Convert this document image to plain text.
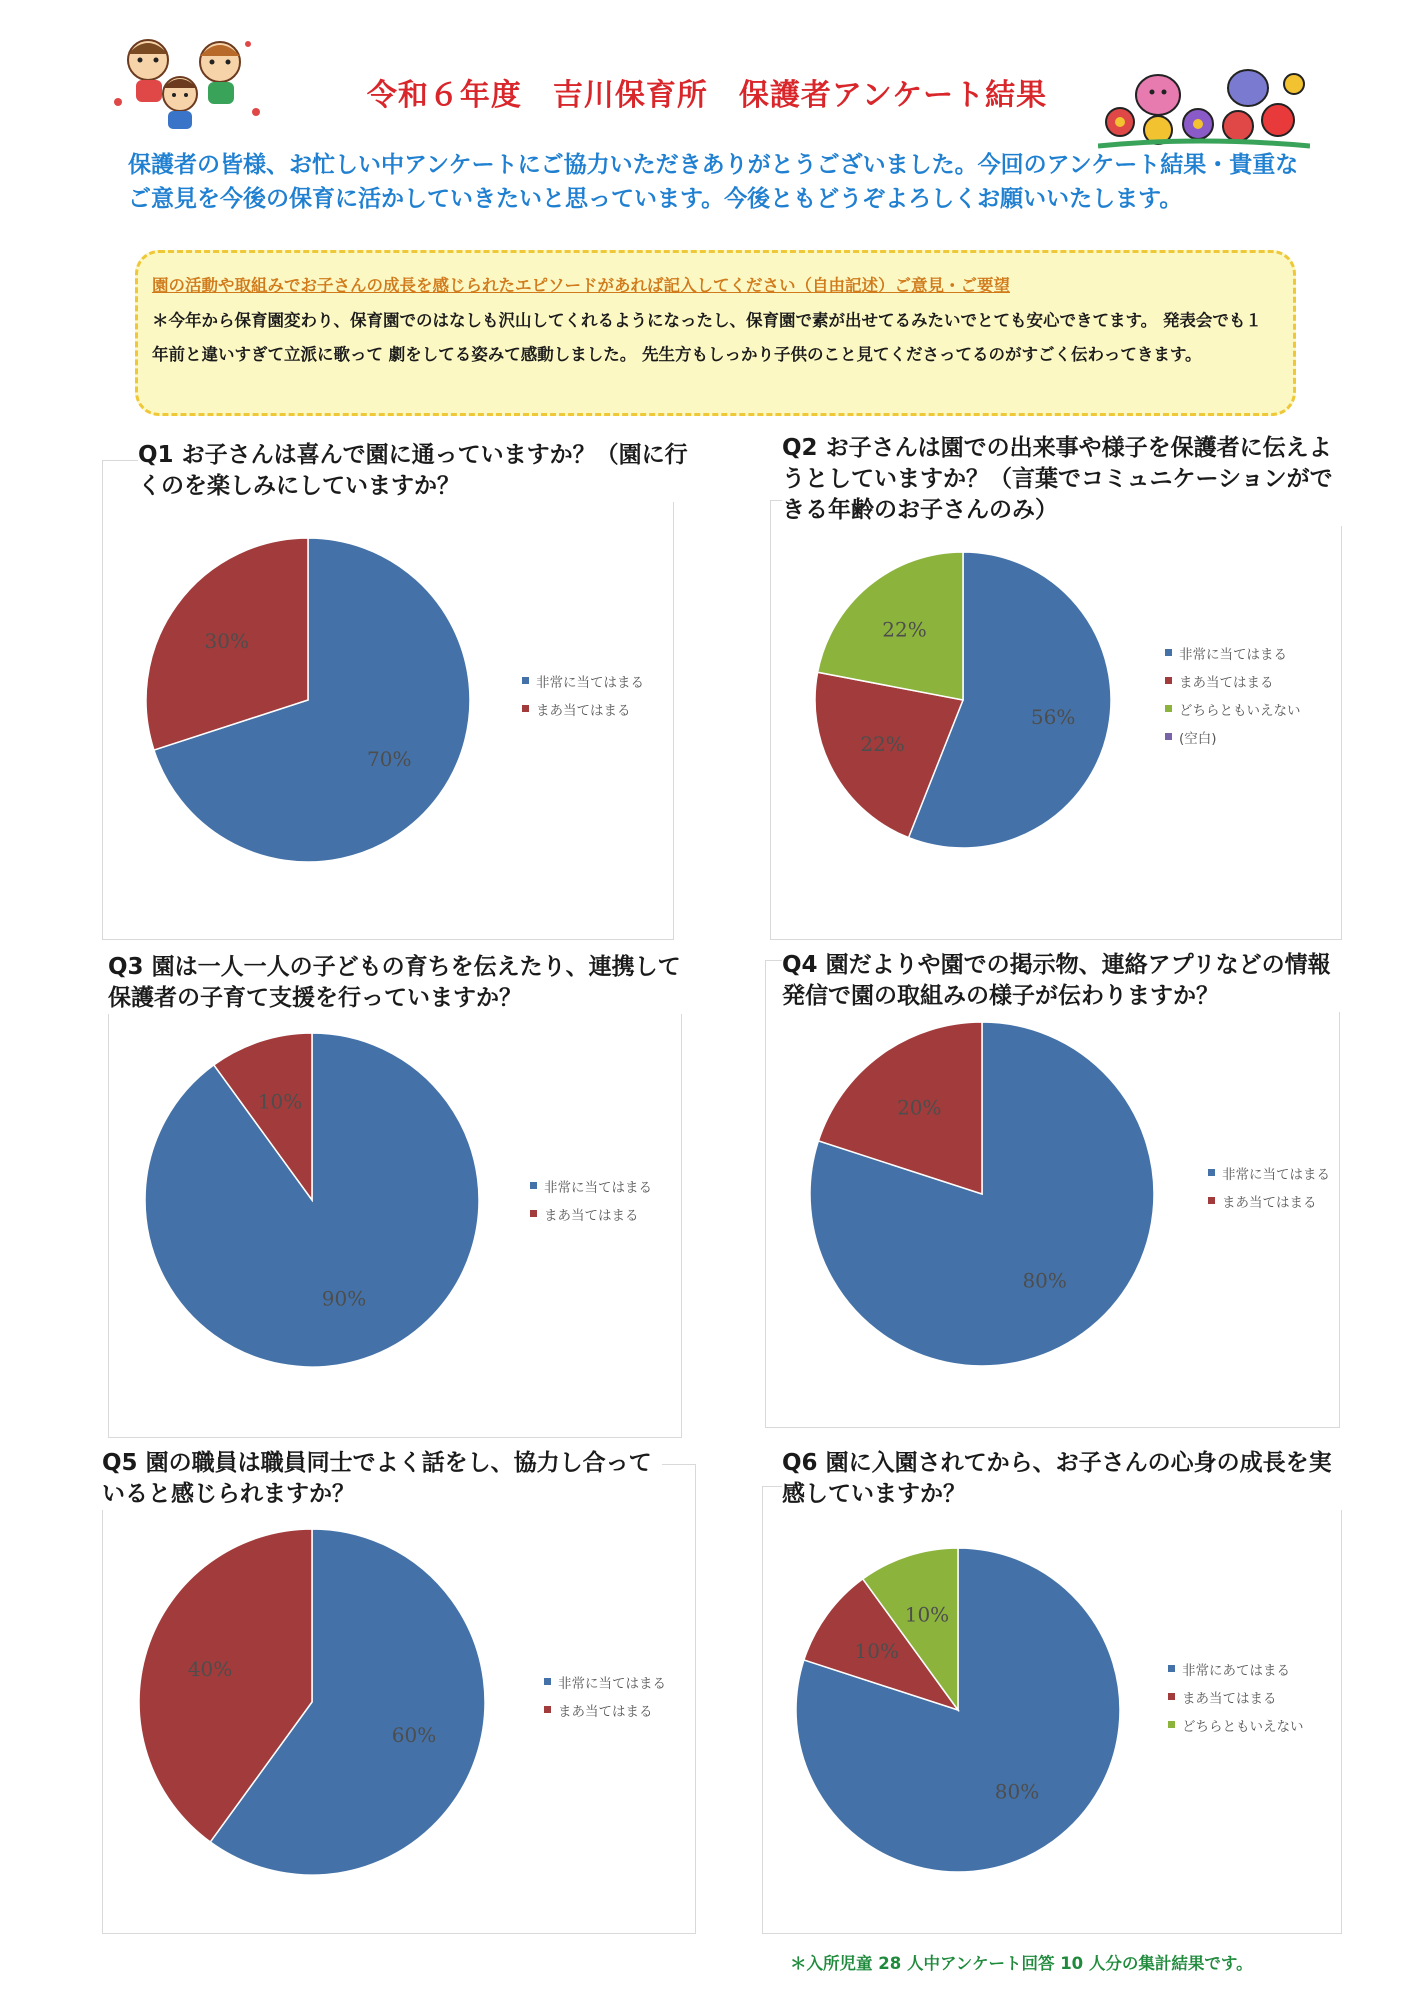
令和６年度　吉川保育所　保護者アンケート結果
保護者の皆様、お忙しい中アンケートにご協力いただきありがとうございました。今回のアンケート結果・貴重なご意見を今後の保育に活かしていきたいと思っています。今後ともどうぞよろしくお願いいたします。
園の活動や取組みでお子さんの成長を感じられたエピソードがあれば記入してください（自由記述）ご意見・ご要望
＊今年から保育園変わり、保育園でのはなしも沢山してくれるようになったし、保育園で素が出せてるみたいでとても安心できてます。 発表会でも１年前と違いすぎて立派に歌って 劇をしてる姿みて感動しました。 先生方もしっかり子供のこと見てくださってるのがすごく伝わってきます。
Q1 お子さんは喜んで園に通っていますか？（園に行くのを楽しみにしていますか？
Q2 お子さんは園での出来事や様子を保護者に伝えようとしていますか？（言葉でコミュニケーションができる年齢のお子さんのみ）
Q3 園は一人一人の子どもの育ちを伝えたり、連携して保護者の子育て支援を行っていますか？
Q4 園だよりや園での掲示物、連絡アプリなどの情報発信で園の取組みの様子が伝わりますか？
Q5 園の職員は職員同士でよく話をし、協力し合っていると感じられますか？
Q6 園に入園されてから、お子さんの心身の成長を実感していますか？
70%
30%
非常に当てはまる
まあ当てはまる	56%
22%
22%
非常に当てはまる
まあ当てはまる
どちらともいえない
(空白)
90%
10%
非常に当てはまる
まあ当てはまる
80%
20%
非常に当てはまる
まあ当てはまる
60%
40%
非常に当てはまる
まあ当てはまる
80%
10%
10%
非常にあてはまる
まあ当てはまる
どちらともいえない
＊入所児童 28 人中アンケート回答 10 人分の集計結果です。
